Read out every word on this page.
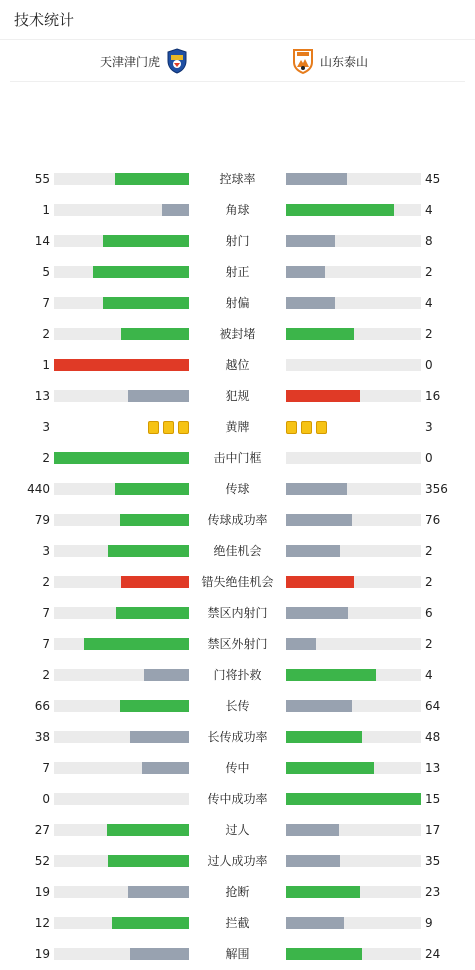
技术统计
天津津门虎	山东泰山
55	控球率	45
1	角球	4
14	射门	8
5	射正	2
7	射偏	4
2	被封堵	2
1	越位	0
13	犯规	16
3	黄牌	3
2	击中门框	0
440	传球	356
79	传球成功率	76
3	绝佳机会	2
2	错失绝佳机会	2
7	禁区内射门	6
7	禁区外射门	2
2	门将扑救	4
66	长传	64
38	长传成功率	48
7	传中	13
0	传中成功率	15
27	过人	17
52	过人成功率	35
19	抢断	23
12	拦截	9
19	解围	24
